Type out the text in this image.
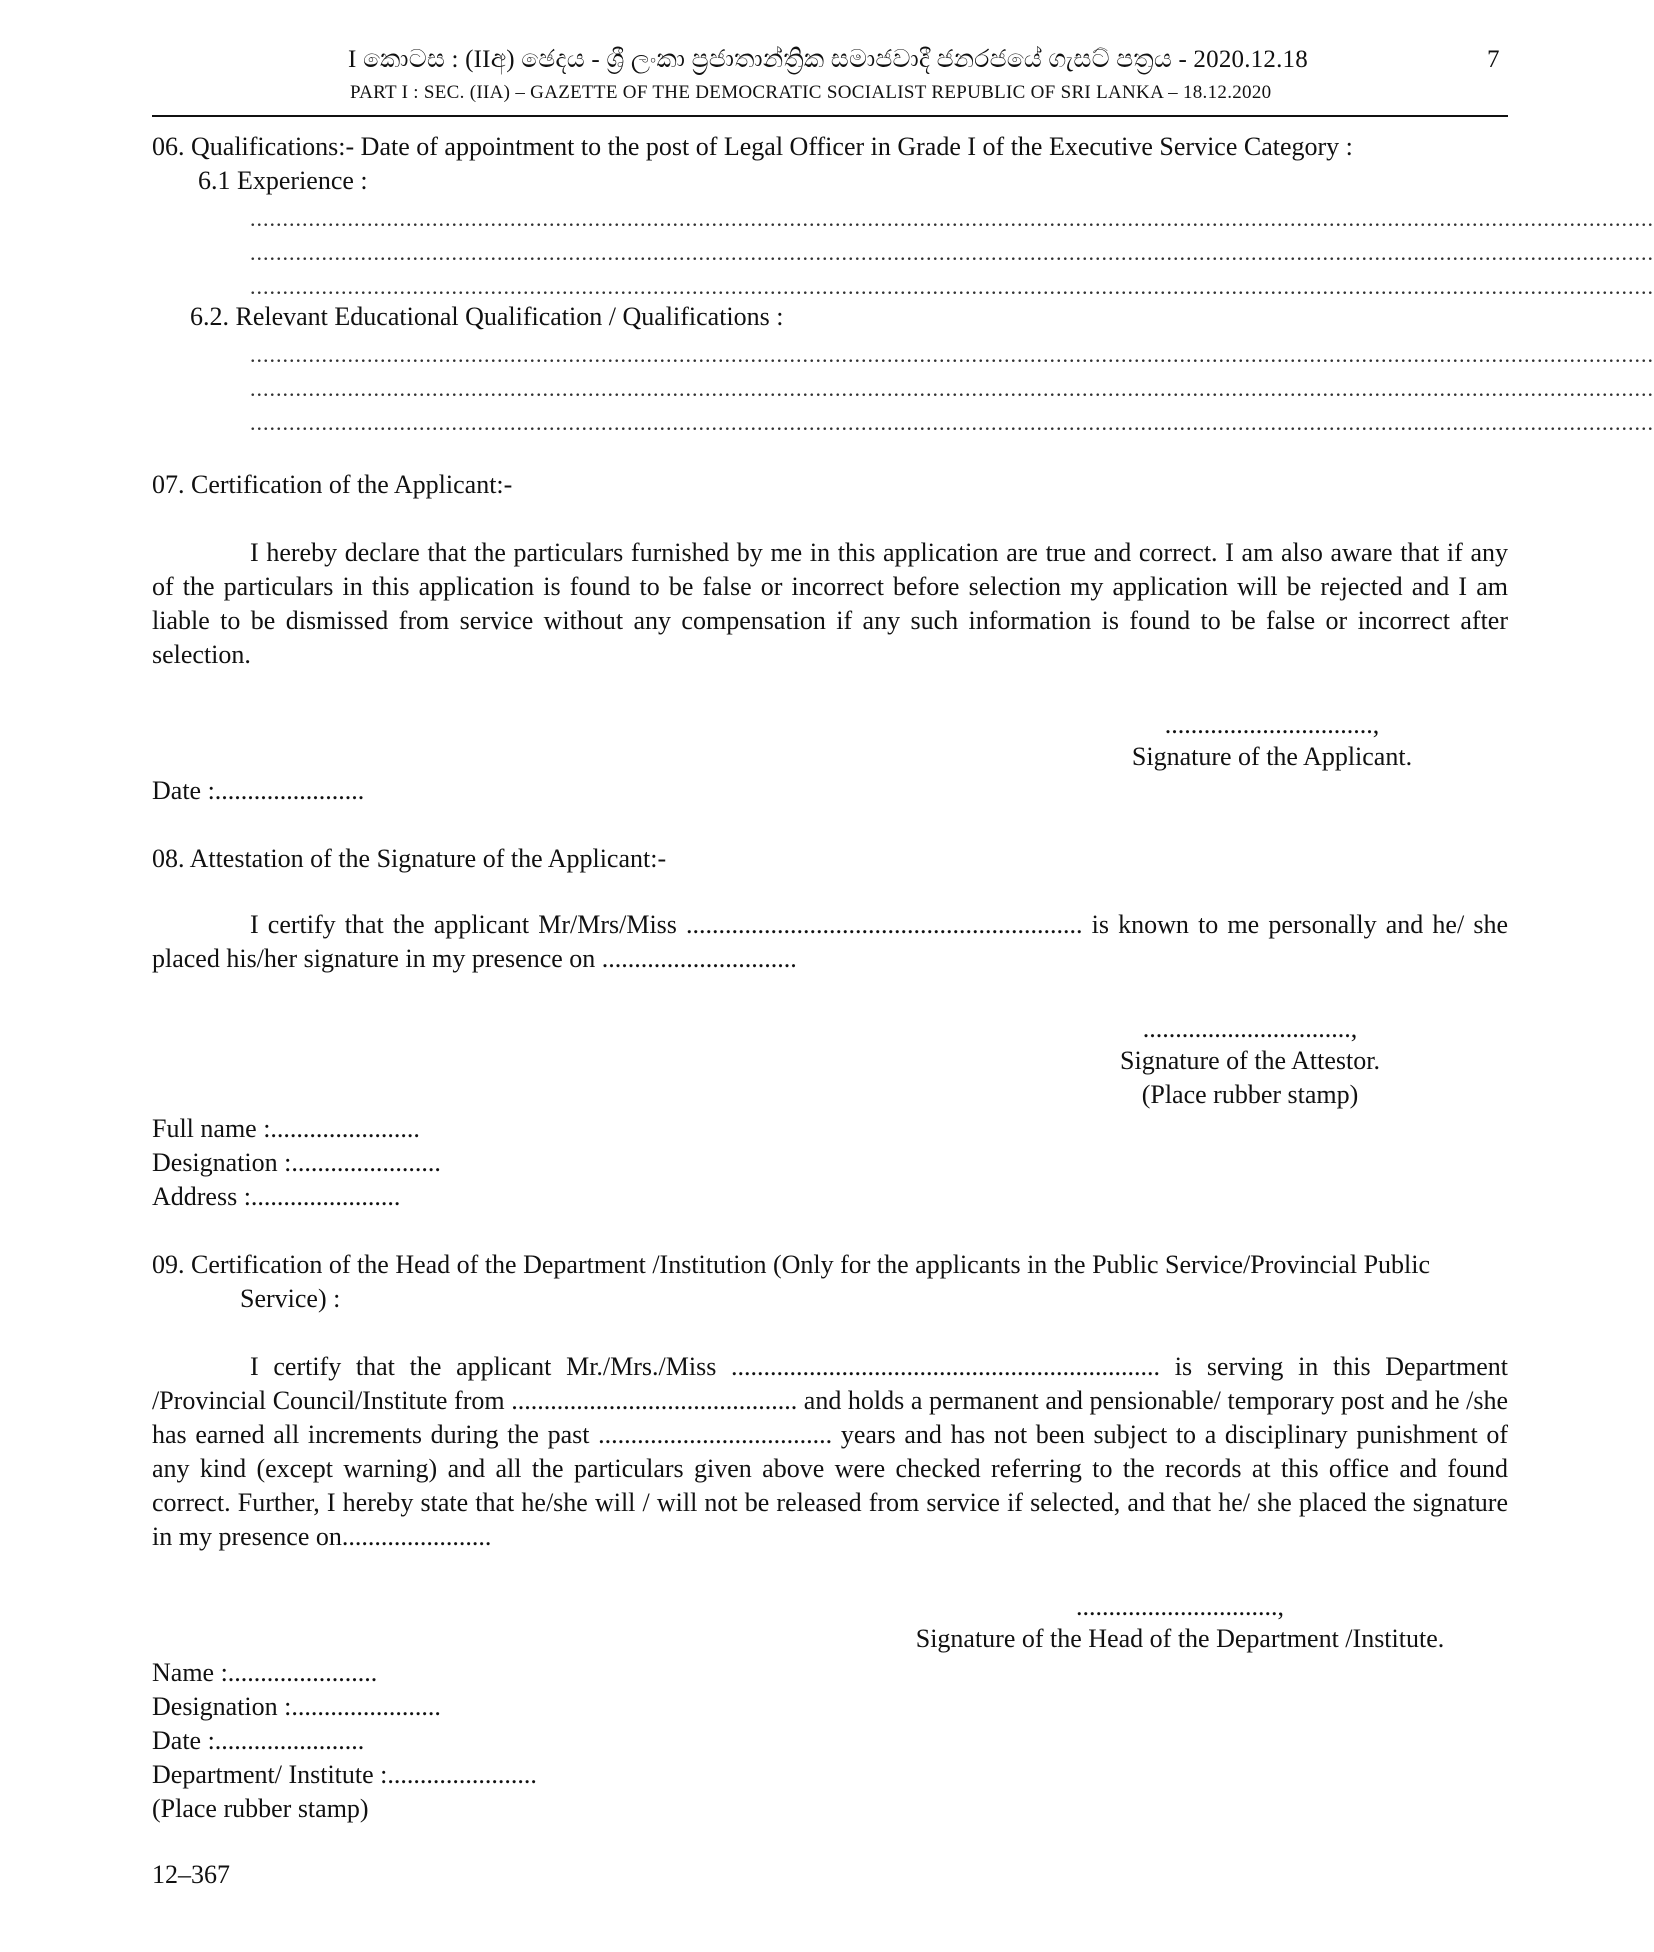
I කොටස : (IIඅ) ඡෙදය - ශ්‍රී ලංකා ප්‍රජාතාන්ත්‍රික සමාජවාදී ජනරජයේ ගැසට් පත්‍රය - 2020.12.18	7
PART I : SEC. (IIA) – GAZETTE OF THE DEMOCRATIC SOCIALIST REPUBLIC OF SRI LANKA – 18.12.2020
06. Qualifications:- Date of appointment to the post of Legal Officer in Grade I of the Executive Service Category :
6.1 Experience :
........................................................................................................................................................................................................................
........................................................................................................................................................................................................................
........................................................................................................................................................................................................................
6.2. Relevant Educational Qualification / Qualifications :
........................................................................................................................................................................................................................
........................................................................................................................................................................................................................
........................................................................................................................................................................................................................
07. Certification of the Applicant:-
I hereby declare that the particulars furnished by me in this application are true and correct. I am also aware that if any of the particulars in this application is found to be false or incorrect before selection my application will be rejected and I am liable to be dismissed from service without any compensation if any such information is found to be false or incorrect after selection.
................................,
Signature of the Applicant.
Date :.......................
08. Attestation of the Signature of the Applicant:-
I certify that the applicant Mr/Mrs/Miss ............................................................. is known to me personally and he/ she placed his/her signature in my presence on ..............................
................................,
Signature of the Attestor.
(Place rubber stamp)
Full name :.......................
Designation :.......................
Address :.......................
09. Certification of the Head of the Department /Institution (Only for the applicants in the Public Service/Provincial Public
Service) :
I certify that the applicant Mr./Mrs./Miss .................................................................. is serving in this Department /Provincial Council/Institute from ............................................ and holds a permanent and pensionable/ temporary post and he /she has earned all increments during the past .................................... years and has not been subject to a disciplinary punishment of any kind (except warning) and all the particulars given above were checked referring to the records at this office and found correct. Further, I hereby state that he/she will / will not be released from service if selected, and that he/ she placed the signature in my presence on.......................
...............................,
Signature of the Head of the Department /Institute.
Name :.......................
Designation :.......................
Date :.......................
Department/ Institute :.......................
(Place rubber stamp)
12–367
